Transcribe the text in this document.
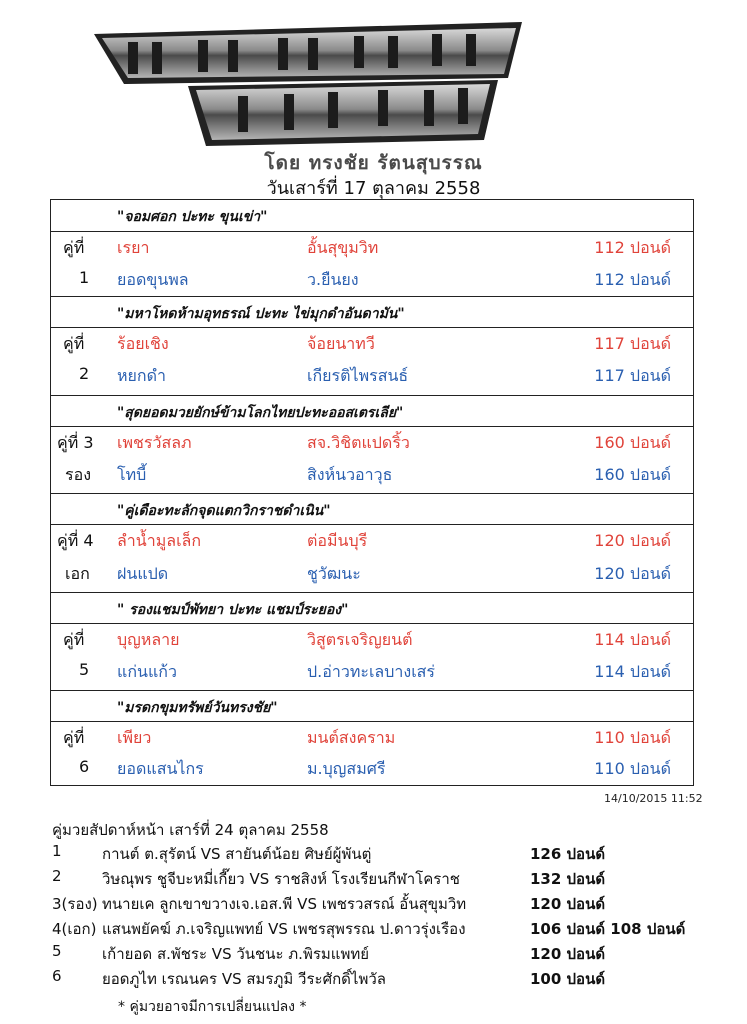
โดย ทรงชัย รัตนสุบรรณ
วันเสาร์ที่ 17 ตุลาคม 2558
"จอมศอก ปะทะ ขุนเข่า"
คู่ที่ เรยา	อั้นสุขุมวิท	112 ปอนด์
1 ยอดขุนพล	ว.ยืนยง	112 ปอนด์
"มหาโหดห้ามอุทธรณ์ ปะทะ ไข่มุกดำอันดามัน"
คู่ที่ ร้อยเชิง	จ้อยนาทวี	117 ปอนด์
2 หยกดำ	เกียรติไพรสนธ์	117 ปอนด์
"สุดยอดมวยยักษ์ข้ามโลกไทยปะทะออสเตรเลีย"
คู่ที่ 3 เพชรวัสลภ	สจ.วิชิตแปดริ้ว	160 ปอนด์
รอง โทบี้	สิงห์นวอาวุธ	160 ปอนด์
"คู่เดือะทะลักจุดแตกวิกราชดำเนิน"
คู่ที่ 4 ลำน้ำมูลเล็ก	ต่อมีนบุรี	120 ปอนด์
เอก ฝนแปด	ชูวัฒนะ	120 ปอนด์
" รองแชมป์พัทยา ปะทะ แชมป์ระยอง"
คู่ที่ บุญหลาย	วิสูตรเจริญยนต์	114 ปอนด์
5 แก่นแก้ว	ป.อ่าวทะเลบางเสร่	114 ปอนด์
"มรดกขุมทรัพย์วันทรงชัย"
คู่ที่ เพียว	มนต์สงคราม	110 ปอนด์
6 ยอดแสนไกร	ม.บุญสมศรี	110 ปอนด์
14/10/2015 11:52
คู่มวยสัปดาห์หน้า เสาร์ที่ 24 ตุลาคม 2558
1	กานต์ ต.สุรัตน์ VS สายันต์น้อย ศิษย์ผู้พันตู่	126 ปอนด์
2	วิษณุพร ชูจีบะหมี่เกี๊ยว VS ราชสิงห์ โรงเรียนกีฬาโคราช	132 ปอนด์
3(รอง) ทนายเค ลูกเขาขวางเจ.เอส.พี VS เพชรวสรณ์ อั้นสุขุมวิท	120 ปอนด์
4(เอก) แสนพยัคฆ์ ภ.เจริญแพทย์ VS เพชรสุพรรณ ป.ดาวรุ่งเรือง	106 ปอนด์ 108 ปอนด์
5	เก้ายอด ส.พัชระ VS วันชนะ ภ.พิรมแพทย์	120 ปอนด์
6	ยอดภูไท เรณนคร VS สมรภูมิ วีระศักดิ์ไพวัล	100 ปอนด์
* คู่มวยอาจมีการเปลี่ยนแปลง *
